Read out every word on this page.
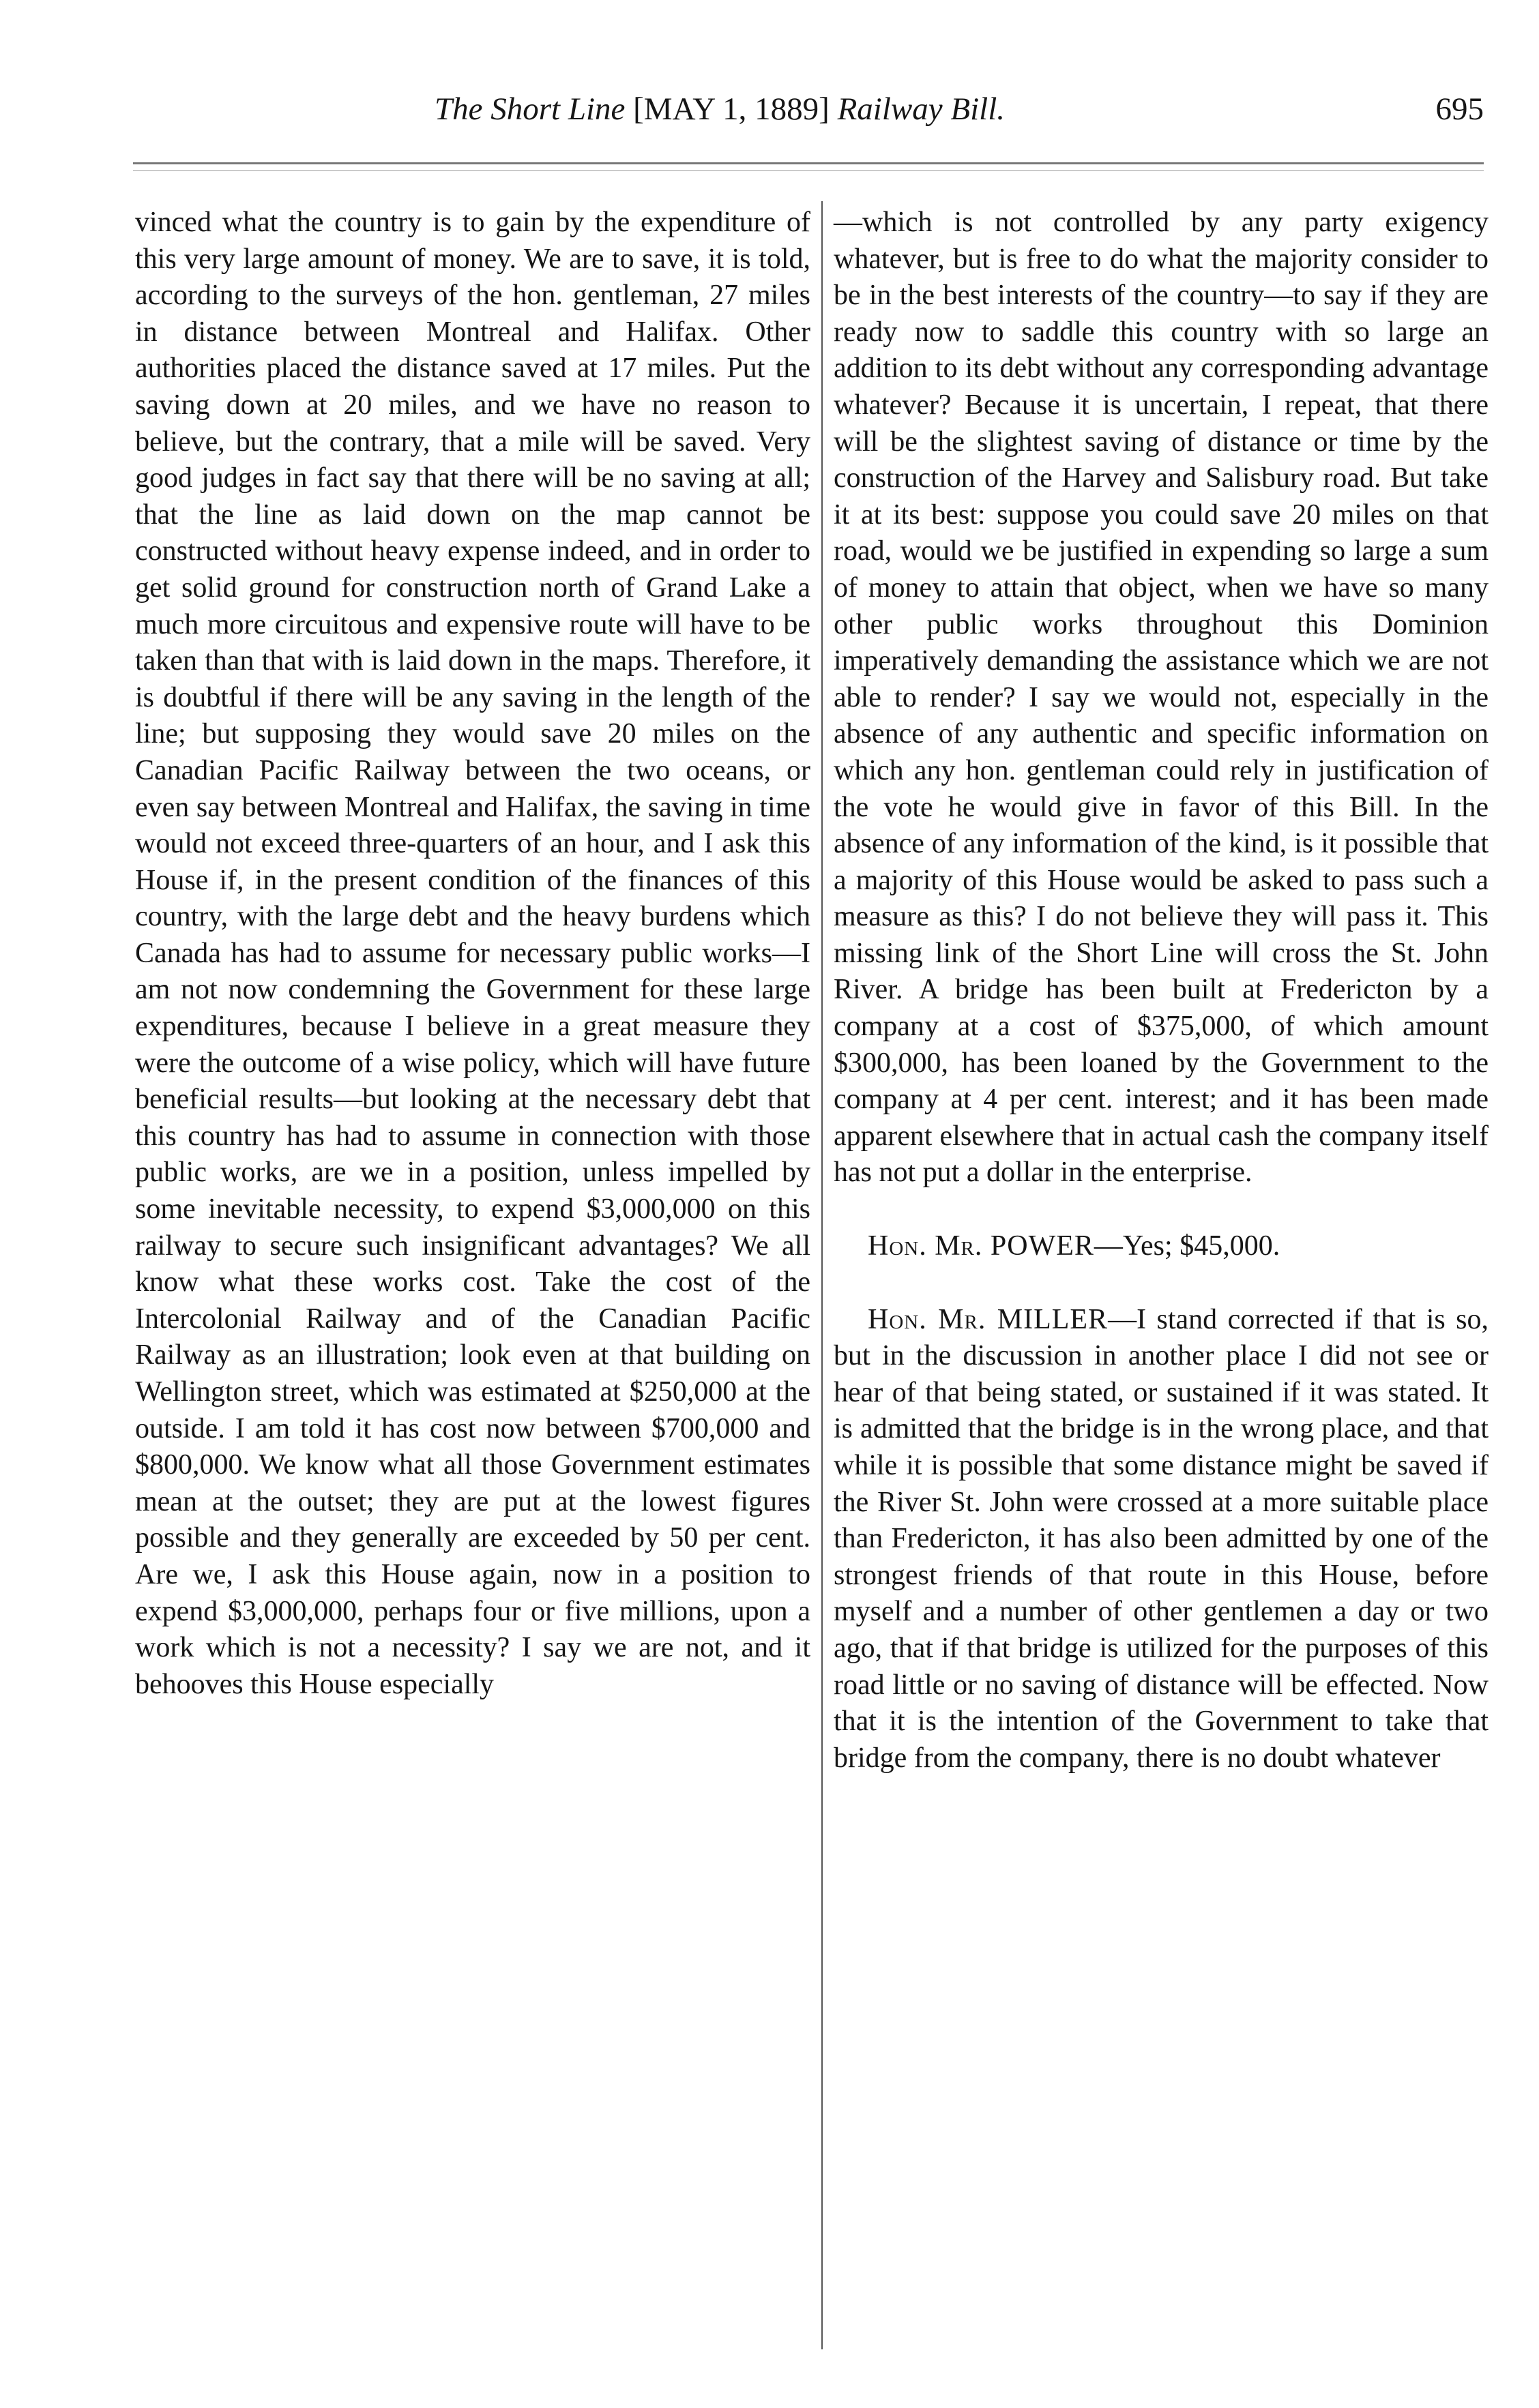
The Short Line [MAY 1, 1889] Railway Bill.	695

vinced what the country is to gain by the expenditure of this very large amount of money. We are to save, it is told, according to the surveys of the hon. gentleman, 27 miles in distance between Montreal and Halifax. Other authorities placed the distance saved at 17 miles. Put the saving down at 20 miles, and we have no reason to believe, but the contrary, that a mile will be saved. Very good judges in fact say that there will be no saving at all; that the line as laid down on the map cannot be constructed without heavy expense indeed, and in order to get solid ground for construction north of Grand Lake a much more circuitous and expensive route will have to be taken than that with is laid down in the maps. Therefore, it is doubtful if there will be any saving in the length of the line; but supposing they would save 20 miles on the Canadian Pacific Railway between the two oceans, or even say between Montreal and Halifax, the saving in time would not exceed three-quarters of an hour, and I ask this House if, in the present condition of the finances of this country, with the large debt and the heavy burdens which Canada has had to assume for necessary public works—I am not now condemning the Government for these large expenditures, because I believe in a great measure they were the outcome of a wise policy, which will have future beneficial results—but looking at the necessary debt that this country has had to assume in connection with those public works, are we in a position, unless impelled by some inevitable necessity, to expend $3,000,000 on this railway to secure such insignificant advantages? We all know what these works cost. Take the cost of the Intercolonial Railway and of the Canadian Pacific Railway as an illustration; look even at that building on Wellington street, which was estimated at $250,000 at the outside. I am told it has cost now between $700,000 and $800,000. We know what all those Government estimates mean at the outset; they are put at the lowest figures possible and they generally are exceeded by 50 per cent. Are we, I ask this House again, now in a position to expend $3,000,000, perhaps four or five millions, upon a work which is not a necessity? I say we are not, and it behooves this House especially

—which is not controlled by any party exigency whatever, but is free to do what the majority consider to be in the best interests of the country—to say if they are ready now to saddle this country with so large an addition to its debt without any corresponding advantage whatever? Because it is uncertain, I repeat, that there will be the slightest saving of distance or time by the construction of the Harvey and Salisbury road. But take it at its best: suppose you could save 20 miles on that road, would we be justified in expending so large a sum of money to attain that object, when we have so many other public works throughout this Dominion imperatively demanding the assistance which we are not able to render? I say we would not, especially in the absence of any authentic and specific information on which any hon. gentleman could rely in justification of the vote he would give in favor of this Bill. In the absence of any information of the kind, is it possible that a majority of this House would be asked to pass such a measure as this? I do not believe they will pass it. This missing link of the Short Line will cross the St. John River. A bridge has been built at Fredericton by a company at a cost of $375,000, of which amount $300,000, has been loaned by the Government to the company at 4 per cent. interest; and it has been made apparent elsewhere that in actual cash the company itself has not put a dollar in the enterprise.

Hon. Mr. POWER—Yes; $45,000.

Hon. Mr. MILLER—I stand corrected if that is so, but in the discussion in another place I did not see or hear of that being stated, or sustained if it was stated. It is admitted that the bridge is in the wrong place, and that while it is possible that some distance might be saved if the River St. John were crossed at a more suitable place than Fredericton, it has also been admitted by one of the strongest friends of that route in this House, before myself and a number of other gentlemen a day or two ago, that if that bridge is utilized for the purposes of this road little or no saving of distance will be effected. Now that it is the intention of the Government to take that bridge from the company, there is no doubt whatever
